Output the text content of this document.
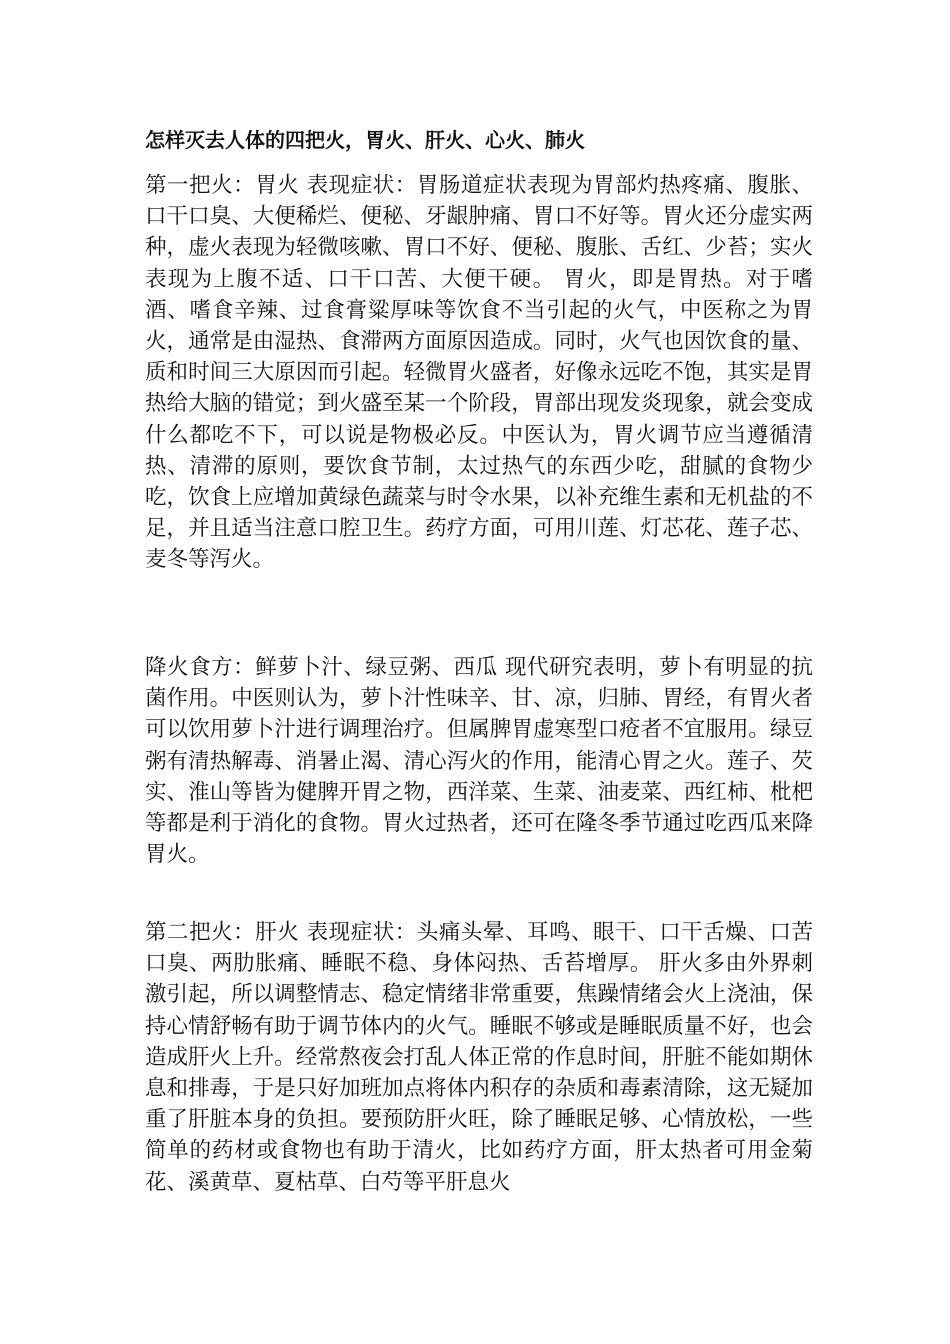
怎样灭去人体的四把火，胃火、肝火、心火、肺火

第一把火：胃火 表现症状：胃肠道症状表现为胃部灼热疼痛、腹胀、口干口臭、大便稀烂、便秘、牙龈肿痛、胃口不好等。胃火还分虚实两种，虚火表现为轻微咳嗽、胃口不好、便秘、腹胀、舌红、少苔；实火表现为上腹不适、口干口苦、大便干硬。 胃火，即是胃热。对于嗜酒、嗜食辛辣、过食膏粱厚味等饮食不当引起的火气，中医称之为胃火，通常是由湿热、食滞两方面原因造成。同时，火气也因饮食的量、质和时间三大原因而引起。轻微胃火盛者，好像永远吃不饱，其实是胃热给大脑的错觉；到火盛至某一个阶段，胃部出现发炎现象，就会变成什么都吃不下，可以说是物极必反。中医认为，胃火调节应当遵循清热、清滞的原则，要饮食节制，太过热气的东西少吃，甜腻的食物少吃，饮食上应增加黄绿色蔬菜与时令水果，以补充维生素和无机盐的不足，并且适当注意口腔卫生。药疗方面，可用川莲、灯芯花、莲子芯、麦冬等泻火。

降火食方：鲜萝卜汁、绿豆粥、西瓜 现代研究表明，萝卜有明显的抗菌作用。中医则认为，萝卜汁性味辛、甘、凉，归肺、胃经，有胃火者可以饮用萝卜汁进行调理治疗。但属脾胃虚寒型口疮者不宜服用。绿豆粥有清热解毒、消暑止渴、清心泻火的作用，能清心胃之火。莲子、芡实、淮山等皆为健脾开胃之物，西洋菜、生菜、油麦菜、西红柿、枇杷等都是利于消化的食物。胃火过热者，还可在隆冬季节通过吃西瓜来降胃火。

第二把火：肝火 表现症状：头痛头晕、耳鸣、眼干、口干舌燥、口苦口臭、两肋胀痛、睡眠不稳、身体闷热、舌苔增厚。 肝火多由外界刺激引起，所以调整情志、稳定情绪非常重要，焦躁情绪会火上浇油，保持心情舒畅有助于调节体内的火气。睡眠不够或是睡眠质量不好，也会造成肝火上升。经常熬夜会打乱人体正常的作息时间，肝脏不能如期休息和排毒，于是只好加班加点将体内积存的杂质和毒素清除，这无疑加重了肝脏本身的负担。要预防肝火旺，除了睡眠足够、心情放松，一些简单的药材或食物也有助于清火，比如药疗方面，肝太热者可用金菊花、溪黄草、夏枯草、白芍等平肝息火
